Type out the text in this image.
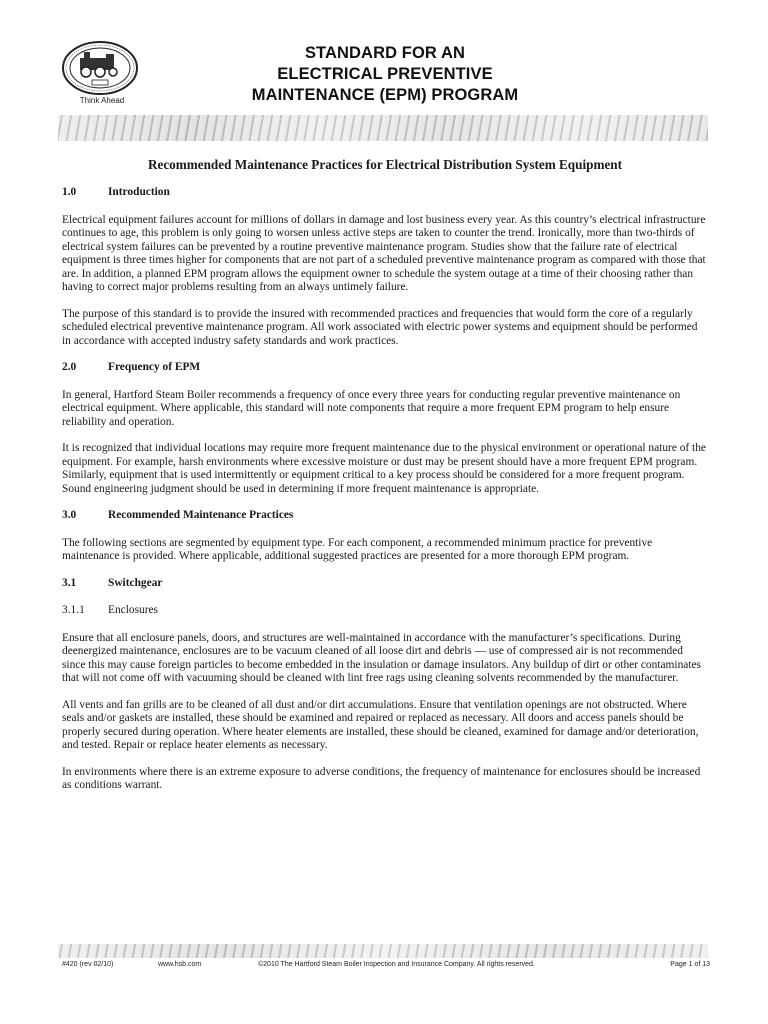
Think Ahead
STANDARD FOR AN
ELECTRICAL PREVENTIVE
MAINTENANCE (EPM) PROGRAM
Recommended Maintenance Practices for Electrical Distribution System Equipment
1.0	Introduction

Electrical equipment failures account for millions of dollars in damage and lost business every year. As this country’s electrical infrastructure continues to age, this problem is only going to worsen unless active steps are taken to counter the trend. Ironically, more than two-thirds of electrical system failures can be prevented by a routine preventive maintenance program. Studies show that the failure rate of electrical equipment is three times higher for components that are not part of a scheduled preventive maintenance program as compared with those that are. In addition, a planned EPM program allows the equipment owner to schedule the system outage at a time of their choosing rather than having to correct major problems resulting from an always untimely failure.

The purpose of this standard is to provide the insured with recommended practices and frequencies that would form the core of a regularly scheduled electrical preventive maintenance program. All work associated with electric power systems and equipment should be performed in accordance with accepted industry safety standards and work practices.

2.0	Frequency of EPM

In general, Hartford Steam Boiler recommends a frequency of once every three years for conducting regular preventive maintenance on electrical equipment. Where applicable, this standard will note components that require a more frequent EPM program to help ensure reliability and operation.

It is recognized that individual locations may require more frequent maintenance due to the physical environment or operational nature of the equipment. For example, harsh environments where excessive moisture or dust may be present should have a more frequent EPM program. Similarly, equipment that is used intermittently or equipment critical to a key process should be considered for a more frequent program. Sound engineering judgment should be used in determining if more frequent maintenance is appropriate.

3.0	Recommended Maintenance Practices

The following sections are segmented by equipment type. For each component, a recommended minimum practice for preventive maintenance is provided. Where applicable, additional suggested practices are presented for a more thorough EPM program.

3.1	Switchgear
3.1.1	Enclosures

Ensure that all enclosure panels, doors, and structures are well-maintained in accordance with the manufacturer’s specifications. During deenergized maintenance, enclosures are to be vacuum cleaned of all loose dirt and debris — use of compressed air is not recommended since this may cause foreign particles to become embedded in the insulation or damage insulators. Any buildup of dirt or other contaminates that will not come off with vacuuming should be cleaned with lint free rags using cleaning solvents recommended by the manufacturer.

All vents and fan grills are to be cleaned of all dust and/or dirt accumulations. Ensure that ventilation openings are not obstructed. Where seals and/or gaskets are installed, these should be examined and repaired or replaced as necessary. All doors and access panels should be properly secured during operation. Where heater elements are installed, these should be cleaned, examined for damage and/or deterioration, and tested. Repair or replace heater elements as necessary.

In environments where there is an extreme exposure to adverse conditions, the frequency of maintenance for enclosures should be increased as conditions warrant.

#420 (rev 02/10)	www.hsb.com	©2010 The Hartford Steam Boiler Inspection and Insurance Company. All rights reserved.	Page 1 of 13
